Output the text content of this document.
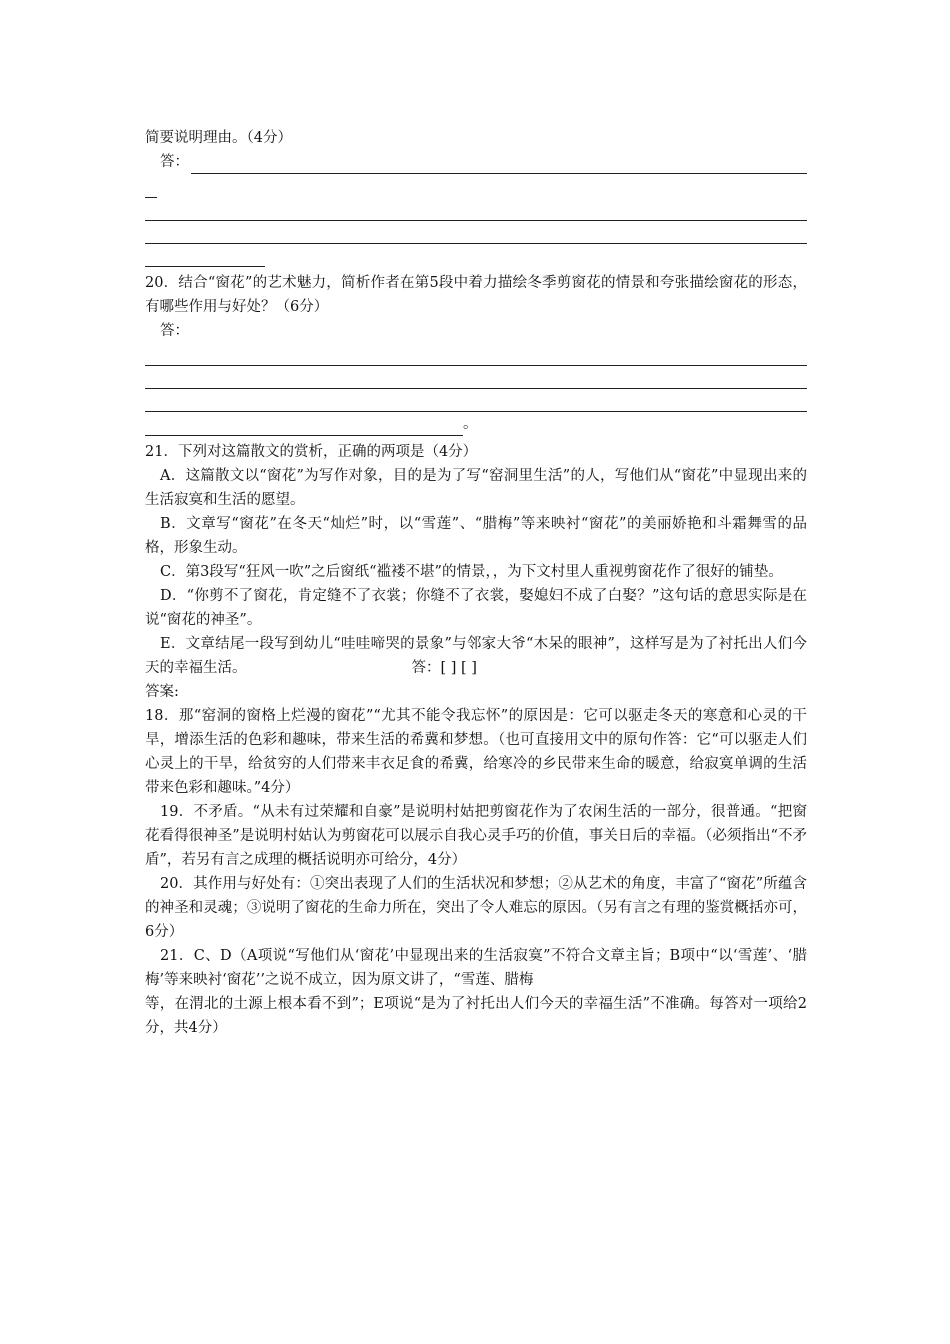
简要说明理由。（4分）

答：

20．结合“窗花”的艺术魅力，简析作者在第5段中着力描绘冬季剪窗花的情景和夸张描绘窗花的形态，有哪些作用与好处？（6分）

答：

。

21．下列对这篇散文的赏析，正确的两项是（4分）

A．这篇散文以“窗花”为写作对象，目的是为了写“窑洞里生活”的人，写他们从“窗花”中显现出来的生活寂寞和生活的愿望。

B．文章写“窗花”在冬天“灿烂”时，以“雪莲”、“腊梅”等来映衬“窗花”的美丽娇艳和斗霜舞雪的品格，形象生动。

C．第3段写“狂风一吹”之后窗纸“褴褛不堪”的情景，，为下文村里人重视剪窗花作了很好的铺垫。

D．“你剪不了窗花，肯定缝不了衣裳；你缝不了衣裳，娶媳妇不成了白娶？”这句话的意思实际是在说“窗花的神圣”。

E．文章结尾一段写到幼儿“哇哇啼哭的景象”与邻家大爷“木呆的眼神”，这样写是为了衬托出人们今天的幸福生活。	答：[ ] [ ]

答案:

18．那“窑洞的窗格上烂漫的窗花”“尤其不能令我忘怀”的原因是：它可以驱走冬天的寒意和心灵的干旱，增添生活的色彩和趣味，带来生活的希冀和梦想。（也可直接用文中的原句作答：它“可以驱走人们心灵上的干旱，给贫穷的人们带来丰衣足食的希冀，给寒冷的乡民带来生命的暖意，给寂寞单调的生活带来色彩和趣味。”4分）

19．不矛盾。“从未有过荣耀和自豪”是说明村姑把剪窗花作为了农闲生活的一部分，很普通。“把窗花看得很神圣”是说明村姑认为剪窗花可以展示自我心灵手巧的价值，事关日后的幸福。（必须指出“不矛盾”，若另有言之成理的概括说明亦可给分，4分）

20．其作用与好处有：①突出表现了人们的生活状况和梦想；②从艺术的角度，丰富了“窗花”所蕴含的神圣和灵魂；③说明了窗花的生命力所在，突出了令人难忘的原因。（另有言之有理的鉴赏概括亦可，6分）

21．C、D（A项说“写他们从‘窗花’中显现出来的生活寂寞”不符合文章主旨；B项中“以‘雪莲’、‘腊梅’等来映衬‘窗花’’之说不成立，因为原文讲了，“雪莲、腊梅

等，在渭北的土源上根本看不到”；E项说“是为了衬托出人们今天的幸福生活”不准确。每答对一项给2分，共4分）
